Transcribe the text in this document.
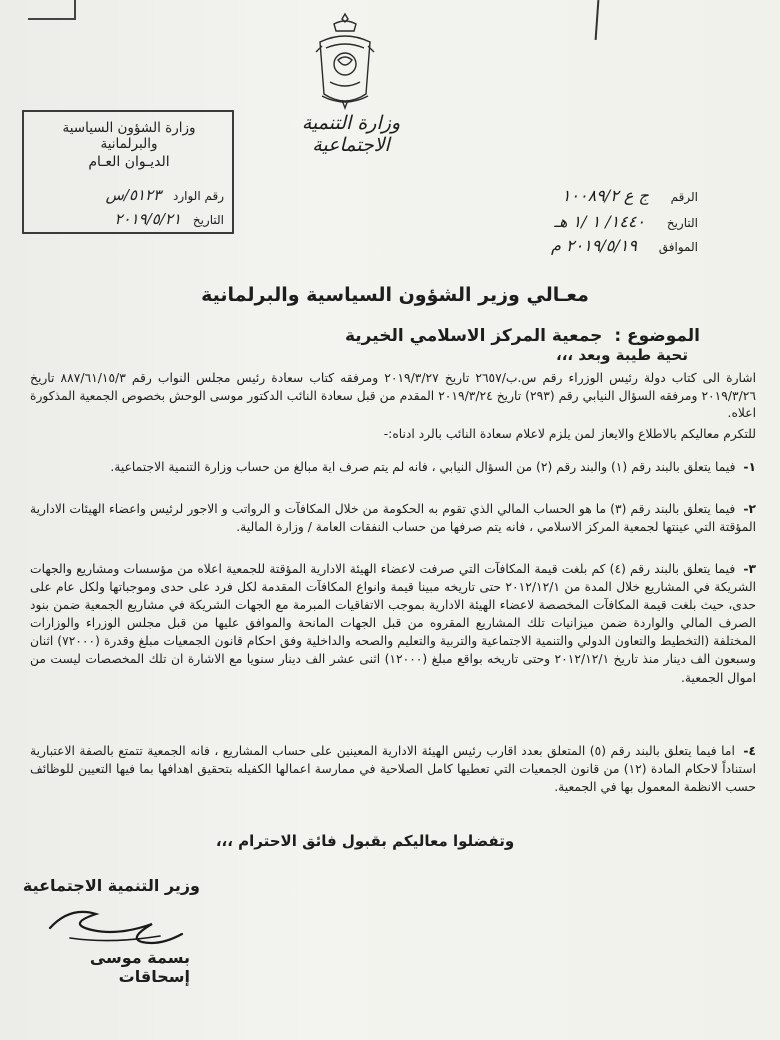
وزارة التنمية الاجتماعية
وزارة الشؤون السياسية والبرلمانية
الديـوان العـام
رقم الوارد ٥١٢٣/س
التاريخ ٢٠١٩/٥/٢١
الرقم ج ع ١٠٠٨٩/٢
التاريخ ١٤٤٠/ ١ /١ هـ
الموافق ٢٠١٩/٥/١٩ م
معـالي وزير الشؤون السياسية والبرلمانية
الموضوع : جمعية المركز الاسلامي الخيرية
تحية طيبة وبعد ،،،
اشارة الى كتاب دولة رئيس الوزراء رقم س.ب/٢٦٥٧ تاريخ ٢٠١٩/٣/٢٧ ومرفقه كتاب سعادة رئيس مجلس النواب رقم ٨٨٧/٦١/١٥/٣ تاريخ ٢٠١٩/٣/٢٦ ومرفقه السؤال النيابي رقم (٢٩٣) تاريخ ٢٠١٩/٣/٢٤ المقدم من قبل سعادة النائب الدكتور موسى الوحش بخصوص الجمعية المذكورة اعلاه.
للتكرم معاليكم بالاطلاع والايعاز لمن يلزم لاعلام سعادة النائب بالرد ادناه:-
١- فيما يتعلق بالبند رقم (١) والبند رقم (٢) من السؤال النيابي ، فانه لم يتم صرف اية مبالغ من حساب وزارة التنمية الاجتماعية.
٢- فيما يتعلق بالبند رقم (٣) ما هو الحساب المالي الذي تقوم به الحكومة من خلال المكافآت و الرواتب و الاجور لرئيس واعضاء الهيئات الادارية المؤقتة التي عينتها لجمعية المركز الاسلامي ، فانه يتم صرفها من حساب النفقات العامة / وزارة المالية.
٣- فيما يتعلق بالبند رقم (٤) كم بلغت قيمة المكافآت التي صرفت لاعضاء الهيئة الادارية المؤقتة للجمعية اعلاه من مؤسسات ومشاريع والجهات الشريكة في المشاريع خلال المدة من ٢٠١٢/١٢/١ حتى تاريخه مبينا قيمة وانواع المكافآت المقدمة لكل فرد على حدى وموجباتها ولكل عام على حدى، حيث بلغت قيمة المكافآت المخصصة لاعضاء الهيئة الادارية بموجب الاتفاقيات المبرمة مع الجهات الشريكة في مشاريع الجمعية ضمن بنود الصرف المالي والواردة ضمن ميزانيات تلك المشاريع المقروه من قبل الجهات المانحة والموافق عليها من قبل مجلس الوزراء والوزارات المختلفة (التخطيط والتعاون الدولي والتنمية الاجتماعية والتربية والتعليم والصحه والداخلية وفق احكام قانون الجمعيات مبلغ وقدرة (٧٢٠٠٠) اثنان وسبعون الف دينار منذ تاريخ ٢٠١٢/١٢/١ وحتى تاريخه بواقع مبلغ (١٢٠٠٠) اثنى عشر الف دينار سنويا مع الاشارة ان تلك المخصصات ليست من اموال الجمعية.
٤- اما فيما يتعلق بالبند رقم (٥) المتعلق بعدد اقارب رئيس الهيئة الادارية المعينين على حساب المشاريع ، فانه الجمعية تتمتع بالصفة الاعتبارية استناداً لاحكام المادة (١٢) من قانون الجمعيات التي تعطيها كامل الصلاحية في ممارسة اعمالها الكفيله بتحقيق اهدافها بما فيها التعيين للوظائف حسب الانظمة المعمول بها في الجمعية.
وتفضلوا معاليكم بقبول فائق الاحترام ،،،
وزير التنمية الاجتماعية
بسمة موسى إسحاقات
